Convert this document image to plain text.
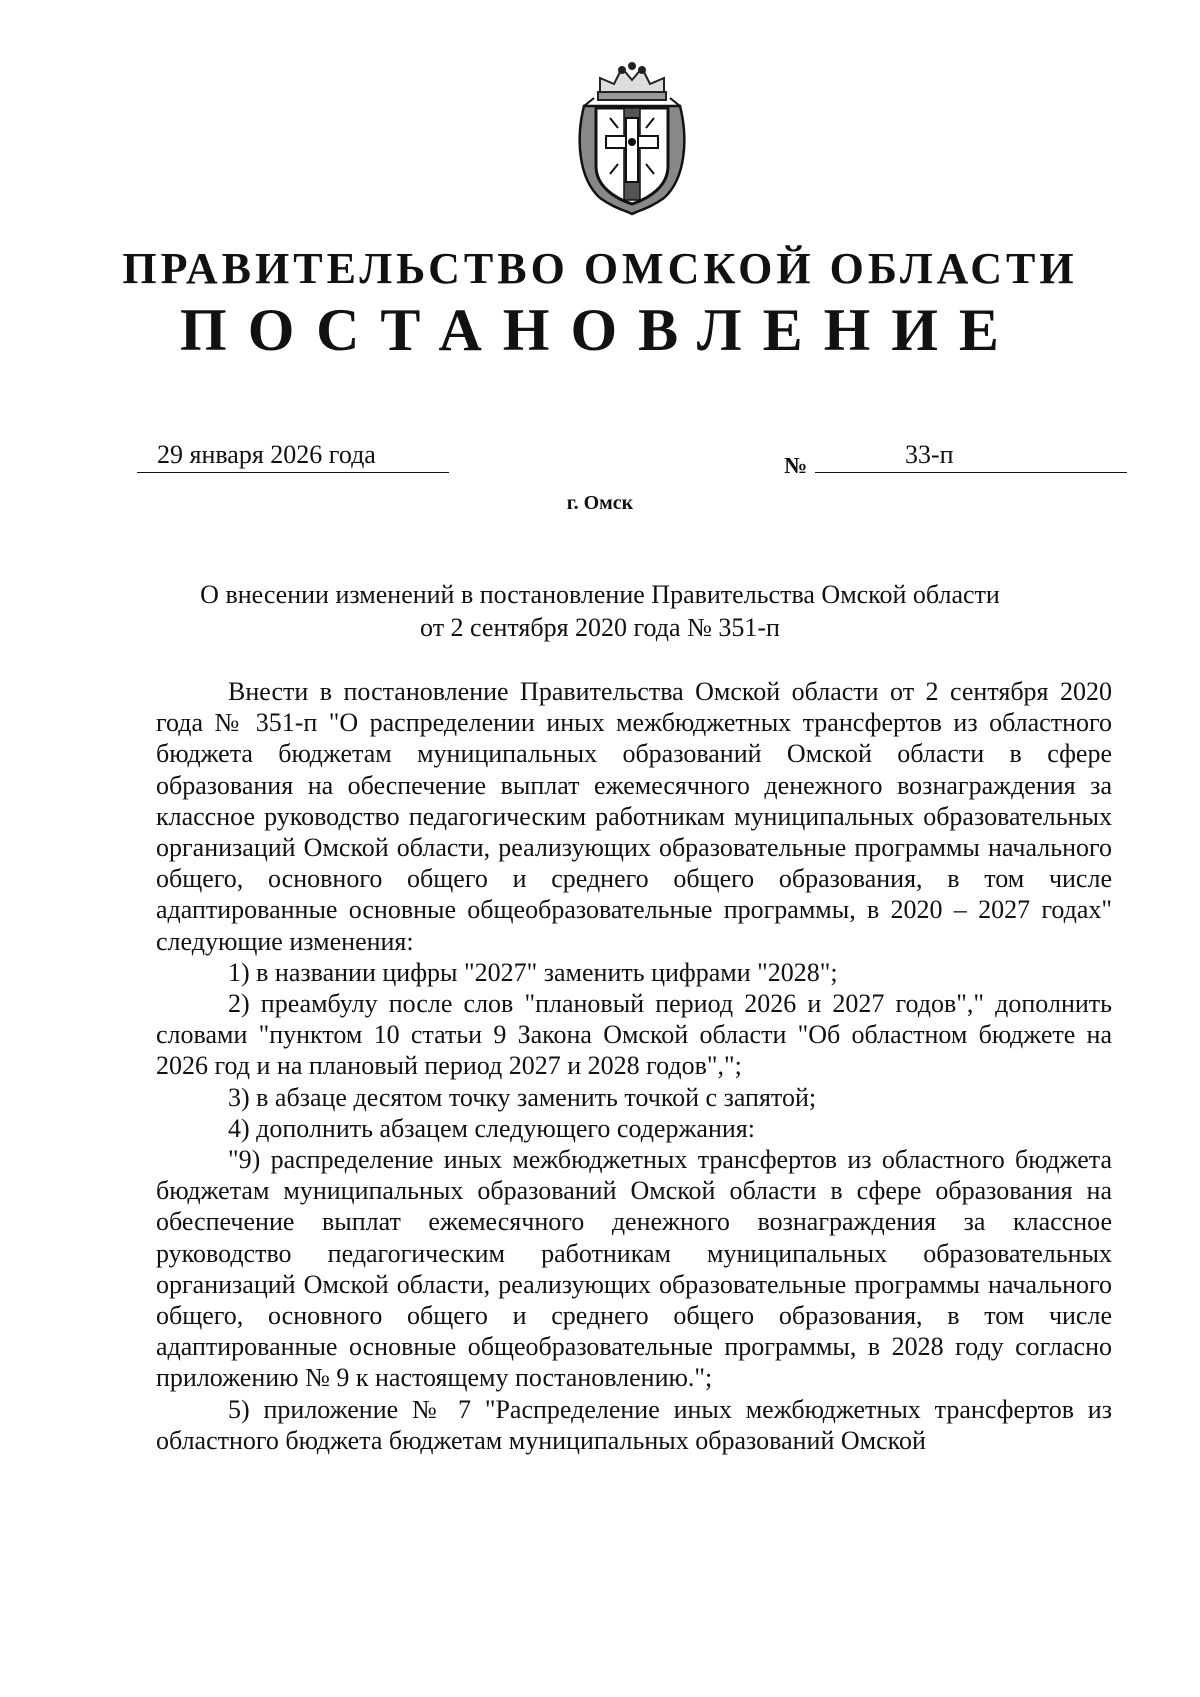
ПРАВИТЕЛЬСТВО ОМСКОЙ ОБЛАСТИ
ПОСТАНОВЛЕНИЕ
29 января 2026 года	№	33-п
г. Омск
О внесении изменений в постановление Правительства Омской области
от 2 сентября 2020 года № 351-п

Внести в постановление Правительства Омской области от 2 сентября 2020 года № 351-п "О распределении иных межбюджетных трансфертов из областного бюджета бюджетам муниципальных образований Омской области в сфере образования на обеспечение выплат ежемесячного денежного вознаграждения за классное руководство педагогическим работникам муниципальных образовательных организаций Омской области, реализующих образовательные программы начального общего, основного общего и среднего общего образования, в том числе адаптированные основные общеобразовательные программы, в 2020 – 2027 годах" следующие изменения:

1) в названии цифры "2027" заменить цифрами "2028";

2) преамбулу после слов "плановый период 2026 и 2027 годов"," дополнить словами "пунктом 10 статьи 9 Закона Омской области "Об областном бюджете на 2026 год и на плановый период 2027 и 2028 годов",";

3) в абзаце десятом точку заменить точкой с запятой;

4) дополнить абзацем следующего содержания:

"9) распределение иных межбюджетных трансфертов из областного бюджета бюджетам муниципальных образований Омской области в сфере образования на обеспечение выплат ежемесячного денежного вознаграждения за классное руководство педагогическим работникам муниципальных образовательных организаций Омской области, реализующих образовательные программы начального общего, основного общего и среднего общего образования, в том числе адаптированные основные общеобразовательные программы, в 2028 году согласно приложению № 9 к настоящему постановлению.";

5) приложение № 7 "Распределение иных межбюджетных трансфертов из областного бюджета бюджетам муниципальных образований Омской
